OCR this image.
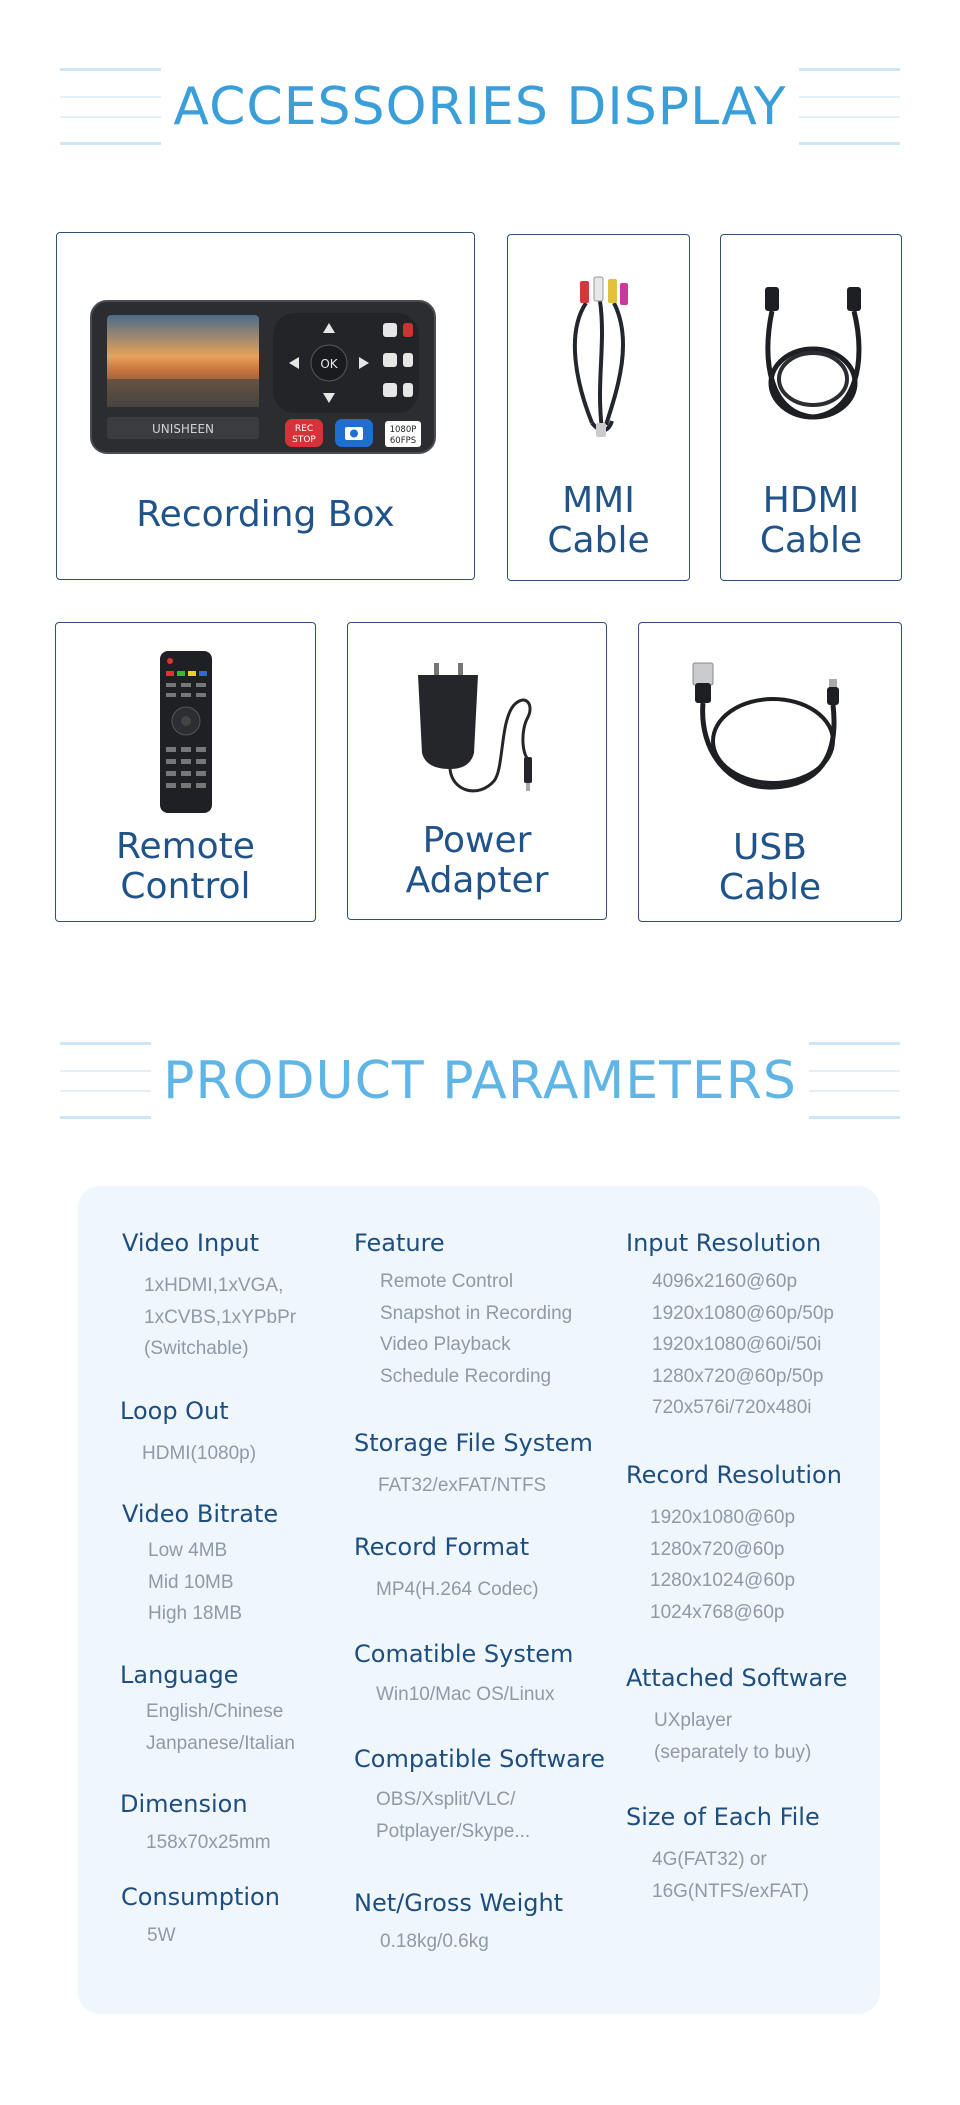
ACCESSORIES DISPLAY
UNISHEEN
OK
REC
STOP
1080P
60FPS
Recording Box	MMI
Cable
HDMI
Cable
Remote
Control
Power
Adapter
USB
Cable
PRODUCT PARAMETERS

Video Input

1xHDMI,1xVGA,
1xCVBS,1xYPbPr
(Switchable)

Loop Out

HDMI(1080p)

Video Bitrate

Low 4MB
Mid 10MB
High 18MB

Language

English/Chinese
Janpanese/Italian

Dimension

158x70x25mm

Consumption

5W

Feature

Remote Control
Snapshot in Recording
Video Playback
Schedule Recording

Storage File System

FAT32/exFAT/NTFS

Record Format

MP4(H.264 Codec)

Comatible System

Win10/Mac OS/Linux

Compatible Software

OBS/Xsplit/VLC/
Potplayer/Skype...

Net/Gross Weight

0.18kg/0.6kg

Input Resolution

4096x2160@60p
1920x1080@60p/50p
1920x1080@60i/50i
1280x720@60p/50p
720x576i/720x480i

Record Resolution

1920x1080@60p
1280x720@60p
1280x1024@60p
1024x768@60p

Attached Software

UXplayer
(separately to buy)

Size of Each File

4G(FAT32) or
16G(NTFS/exFAT)
